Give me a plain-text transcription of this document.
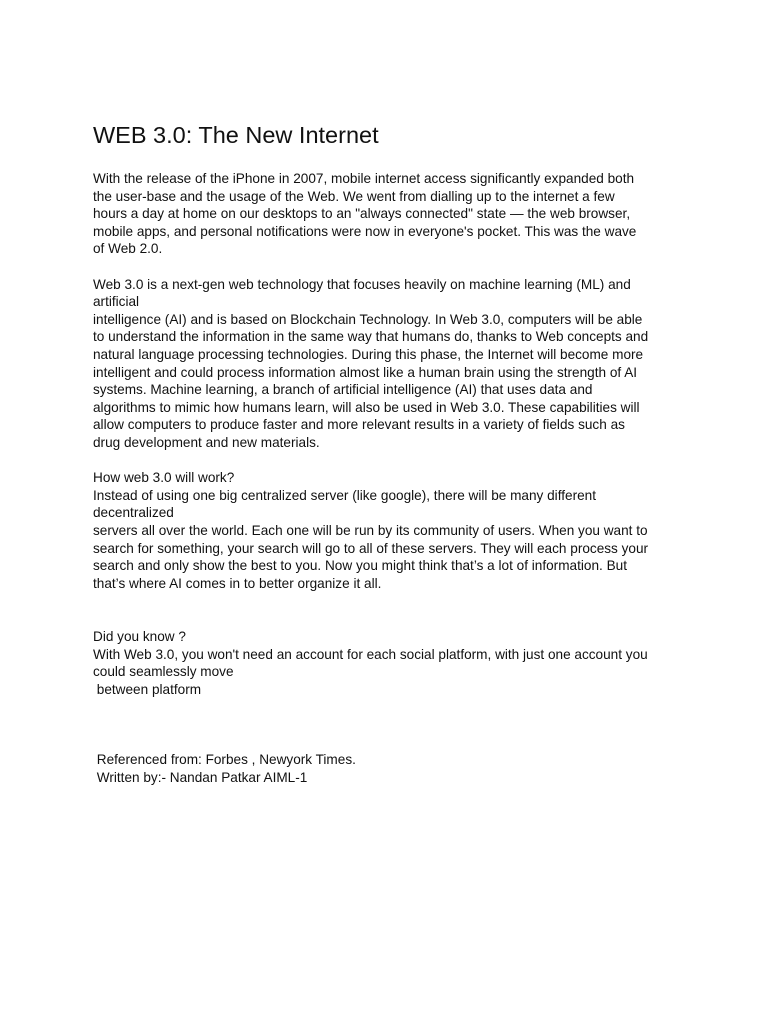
WEB 3.0: The New Internet

With the release of the iPhone in 2007, mobile internet access significantly expanded both

the user-base and the usage of the Web. We went from dialling up to the internet a few

hours a day at home on our desktops to an "always connected" state — the web browser,

mobile apps, and personal notifications were now in everyone's pocket. This was the wave

of Web 2.0.

Web 3.0 is a next-gen web technology that focuses heavily on machine learning (ML) and

artificial

intelligence (AI) and is based on Blockchain Technology. In Web 3.0, computers will be able

to understand the information in the same way that humans do, thanks to Web concepts and

natural language processing technologies. During this phase, the Internet will become more

intelligent and could process information almost like a human brain using the strength of AI

systems. Machine learning, a branch of artificial intelligence (AI) that uses data and

algorithms to mimic how humans learn, will also be used in Web 3.0. These capabilities will

allow computers to produce faster and more relevant results in a variety of fields such as

drug development and new materials.

How web 3.0 will work?

Instead of using one big centralized server (like google), there will be many different

decentralized

servers all over the world. Each one will be run by its community of users. When you want to

search for something, your search will go to all of these servers. They will each process your

search and only show the best to you. Now you might think that’s a lot of information. But

that’s where AI comes in to better organize it all.

Did you know ?

With Web 3.0, you won't need an account for each social platform, with just one account you

could seamlessly move

between platform

Referenced from: Forbes , Newyork Times.

Written by:- Nandan Patkar AIML-1
